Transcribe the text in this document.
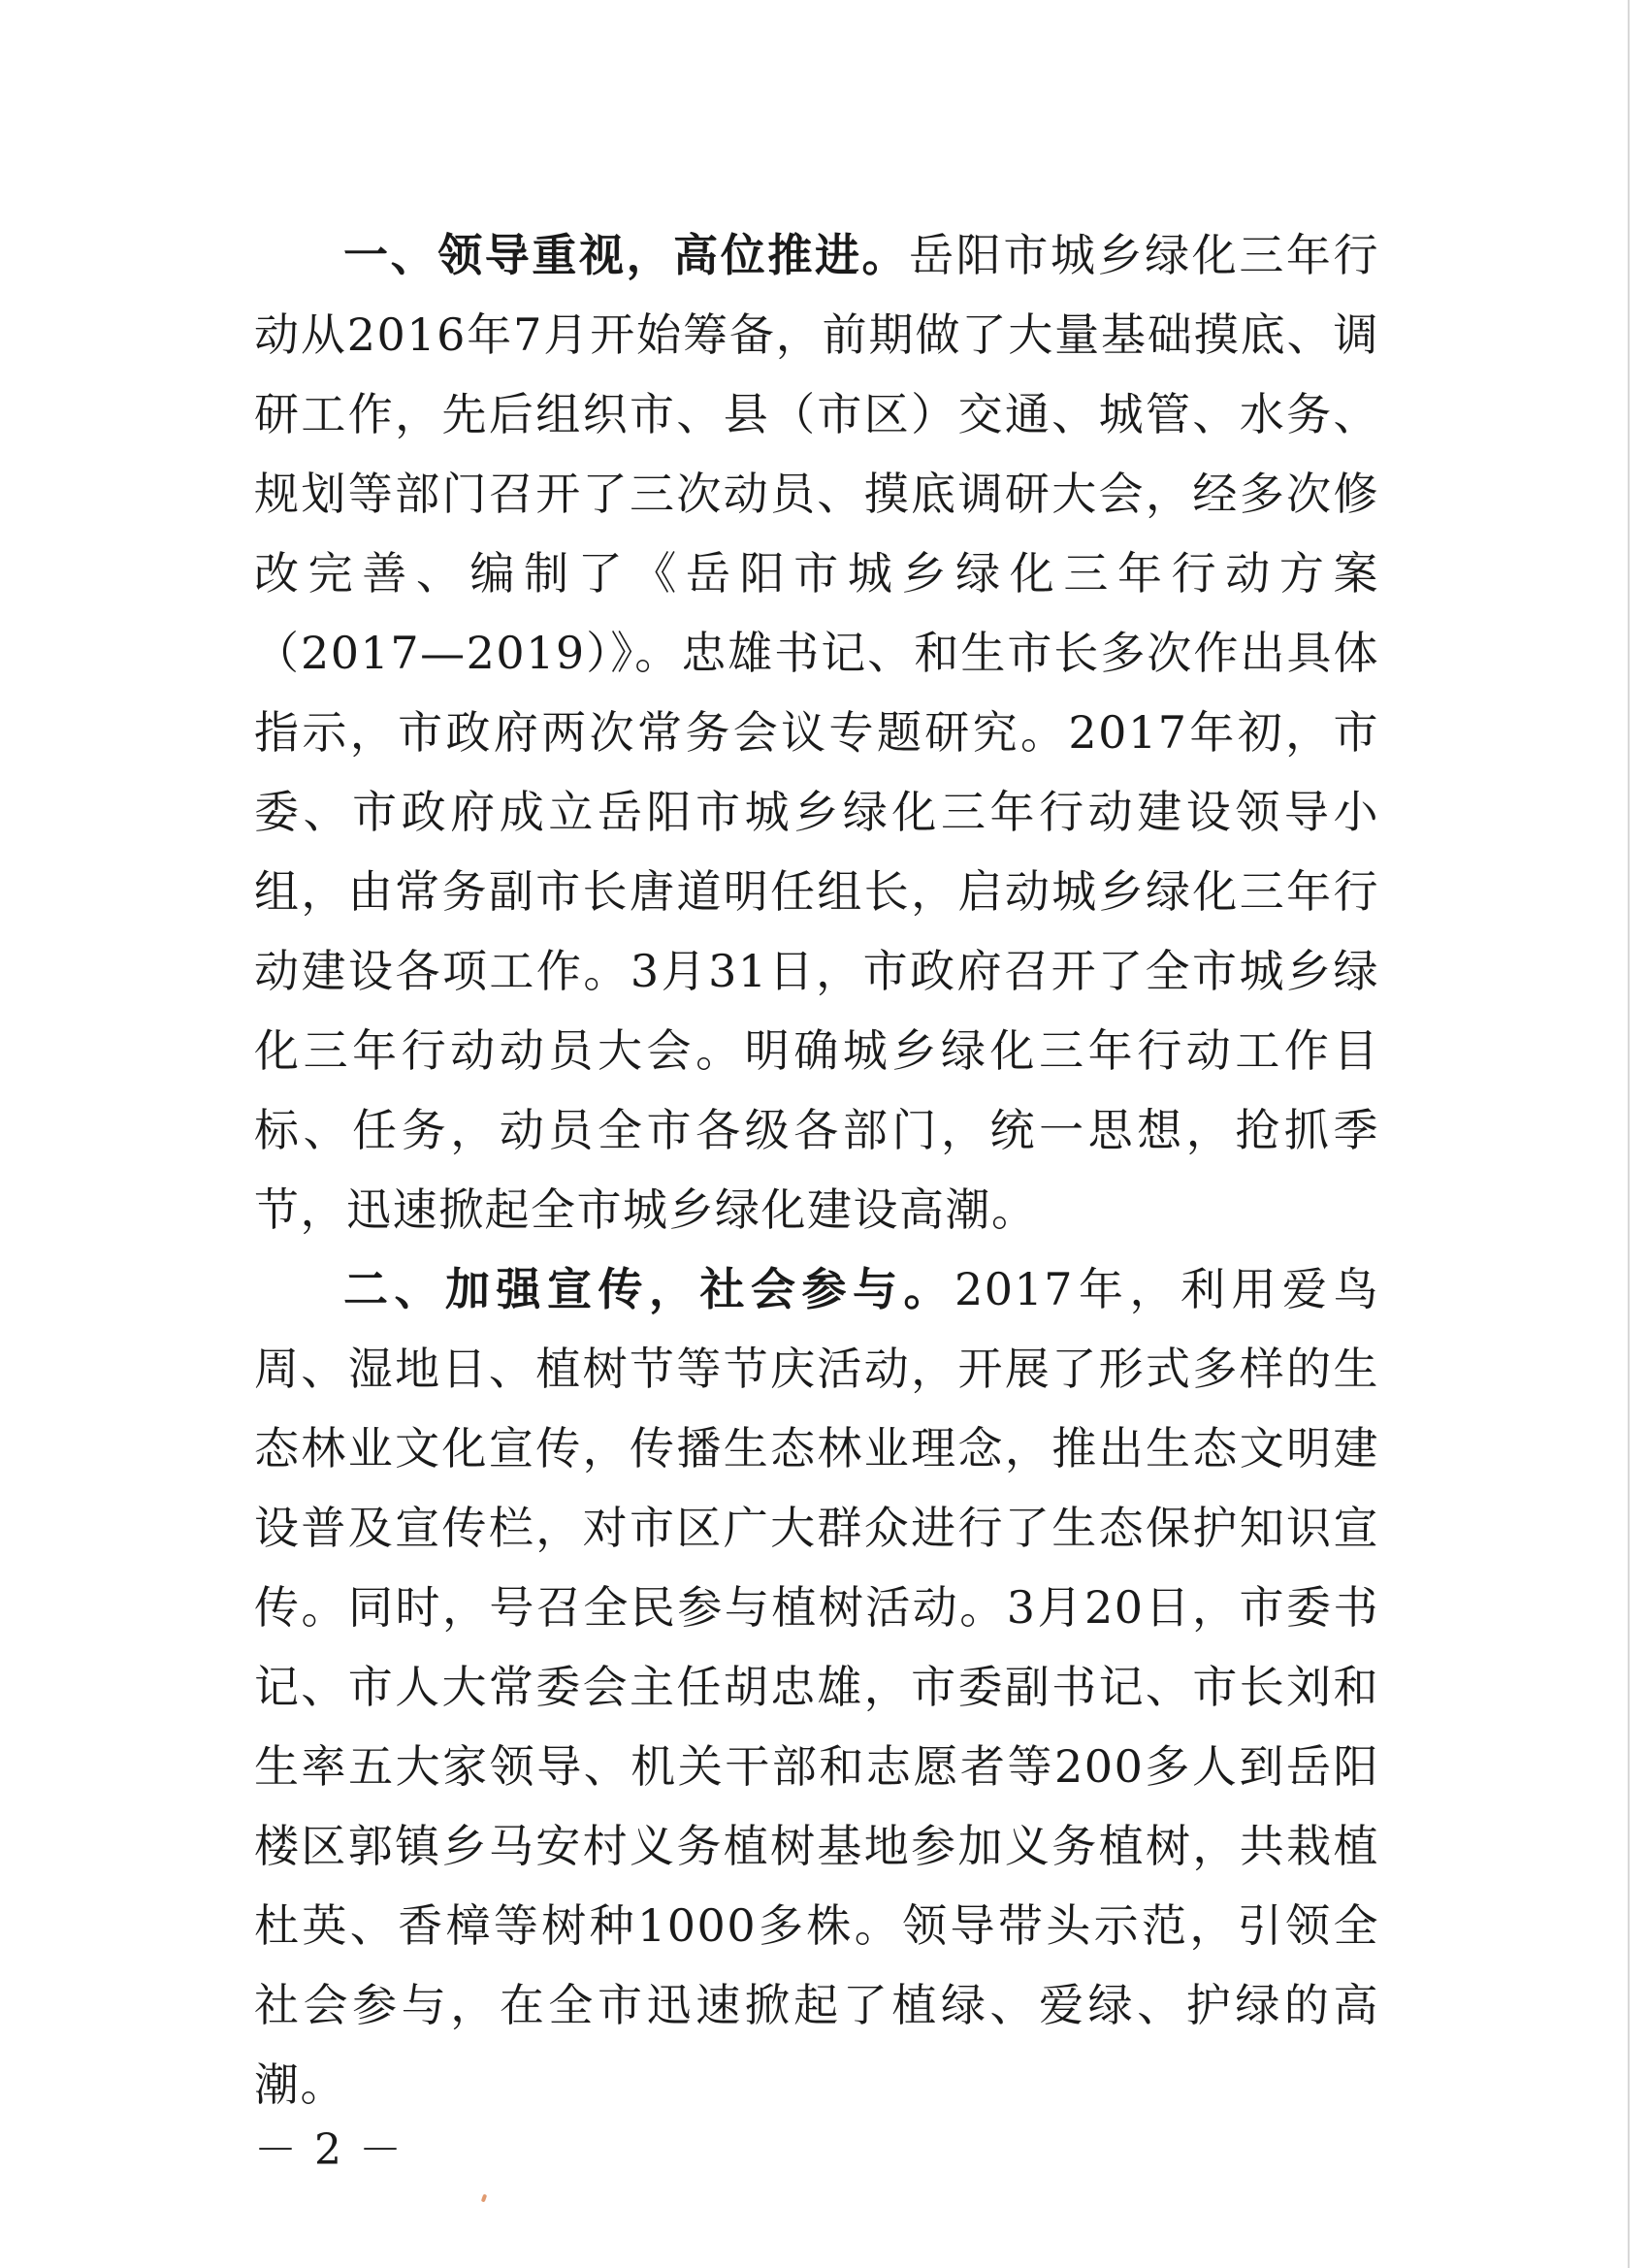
一、领导重视，高位推进。岳阳市城乡绿化三年行动从2016年7月开始筹备，前期做了大量基础摸底、调研工作，先后组织市、县（市区）交通、城管、水务、规划等部门召开了三次动员、摸底调研大会，经多次修改完善、编制了《岳阳市城乡绿化三年行动方案（2017—2019）》。忠雄书记、和生市长多次作出具体指示，市政府两次常务会议专题研究。2017年初，市委、市政府成立岳阳市城乡绿化三年行动建设领导小组，由常务副市长唐道明任组长，启动城乡绿化三年行动建设各项工作。3月31日，市政府召开了全市城乡绿化三年行动动员大会。明确城乡绿化三年行动工作目标、任务，动员全市各级各部门，统一思想，抢抓季节，迅速掀起全市城乡绿化建设高潮。

二、加强宣传，社会参与。2017年，利用爱鸟周、湿地日、植树节等节庆活动，开展了形式多样的生态林业文化宣传，传播生态林业理念，推出生态文明建设普及宣传栏，对市区广大群众进行了生态保护知识宣传。同时，号召全民参与植树活动。3月20日，市委书记、市人大常委会主任胡忠雄，市委副书记、市长刘和生率五大家领导、机关干部和志愿者等200多人到岳阳楼区郭镇乡马安村义务植树基地参加义务植树，共栽植杜英、香樟等树种1000多株。领导带头示范，引领全社会参与，在全市迅速掀起了植绿、爱绿、护绿的高潮。

－ 2 －
